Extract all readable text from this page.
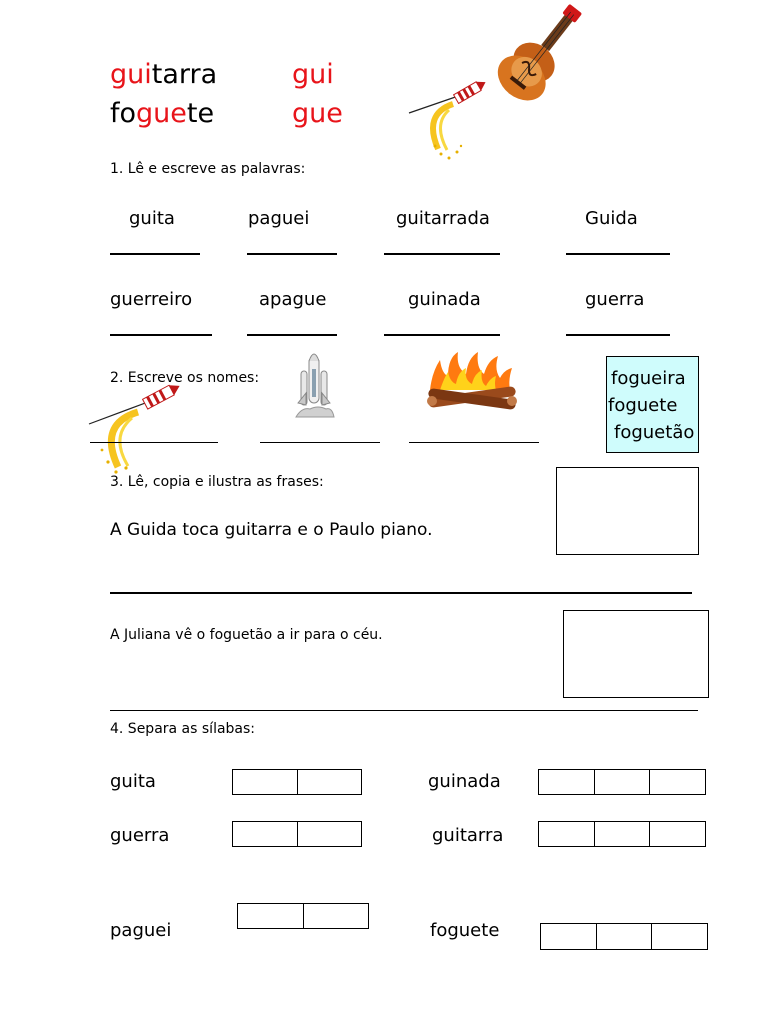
guitarra	gui
foguete	gue
1. Lê e escreve as palavras:
guita	paguei	guitarrada	Guida
guerreiro	apague	guinada	guerra
2. Escreve os nomes:	fogueira
foguete
foguetão
3. Lê, copia e ilustra as frases:
A Guida toca guitarra e o Paulo piano.
A Juliana vê o foguetão a ir para o céu.
4. Separa as sílabas:
guita	guinada
guerra	guitarra
paguei	foguete
